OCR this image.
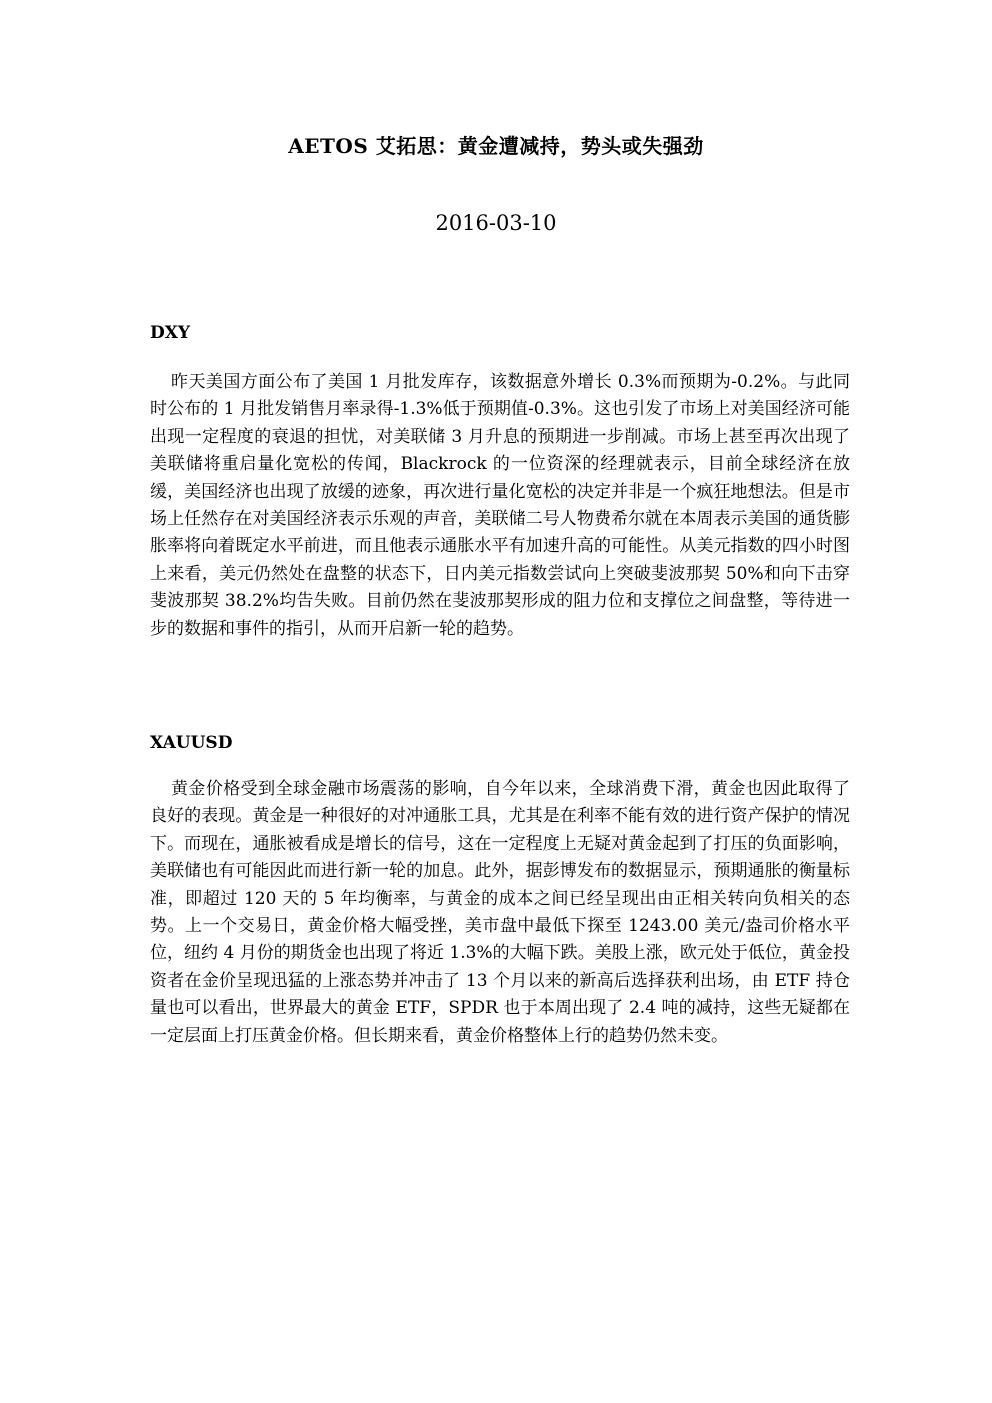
AETOS 艾拓思：黄金遭减持，势头或失强劲
2016-03-10
DXY

昨天美国方面公布了美国 1 月批发库存，该数据意外增长 0.3%而预期为-0.2%。与此同时公布的 1 月批发销售月率录得-1.3%低于预期值-0.3%。这也引发了市场上对美国经济可能出现一定程度的衰退的担忧，对美联储 3 月升息的预期进一步削减。市场上甚至再次出现了美联储将重启量化宽松的传闻，Blackrock 的一位资深的经理就表示，目前全球经济在放缓，美国经济也出现了放缓的迹象，再次进行量化宽松的决定并非是一个疯狂地想法。但是市场上任然存在对美国经济表示乐观的声音，美联储二号人物费希尔就在本周表示美国的通货膨胀率将向着既定水平前进，而且他表示通胀水平有加速升高的可能性。从美元指数的四小时图上来看，美元仍然处在盘整的状态下，日内美元指数尝试向上突破斐波那契 50%和向下击穿斐波那契 38.2%均告失败。目前仍然在斐波那契形成的阻力位和支撑位之间盘整，等待进一步的数据和事件的指引，从而开启新一轮的趋势。

XAUUSD

黄金价格受到全球金融市场震荡的影响，自今年以来，全球消费下滑，黄金也因此取得了良好的表现。黄金是一种很好的对冲通胀工具，尤其是在利率不能有效的进行资产保护的情况下。而现在，通胀被看成是增长的信号，这在一定程度上无疑对黄金起到了打压的负面影响，美联储也有可能因此而进行新一轮的加息。此外，据彭博发布的数据显示，预期通胀的衡量标准，即超过 120 天的 5 年均衡率，与黄金的成本之间已经呈现出由正相关转向负相关的态势。上一个交易日，黄金价格大幅受挫，美市盘中最低下探至 1243.00 美元/盎司价格水平位，纽约 4 月份的期货金也出现了将近 1.3%的大幅下跌。美股上涨，欧元处于低位，黄金投资者在金价呈现迅猛的上涨态势并冲击了 13 个月以来的新高后选择获利出场，由 ETF 持仓量也可以看出，世界最大的黄金 ETF，SPDR 也于本周出现了 2.4 吨的减持，这些无疑都在一定层面上打压黄金价格。但长期来看，黄金价格整体上行的趋势仍然未变。
